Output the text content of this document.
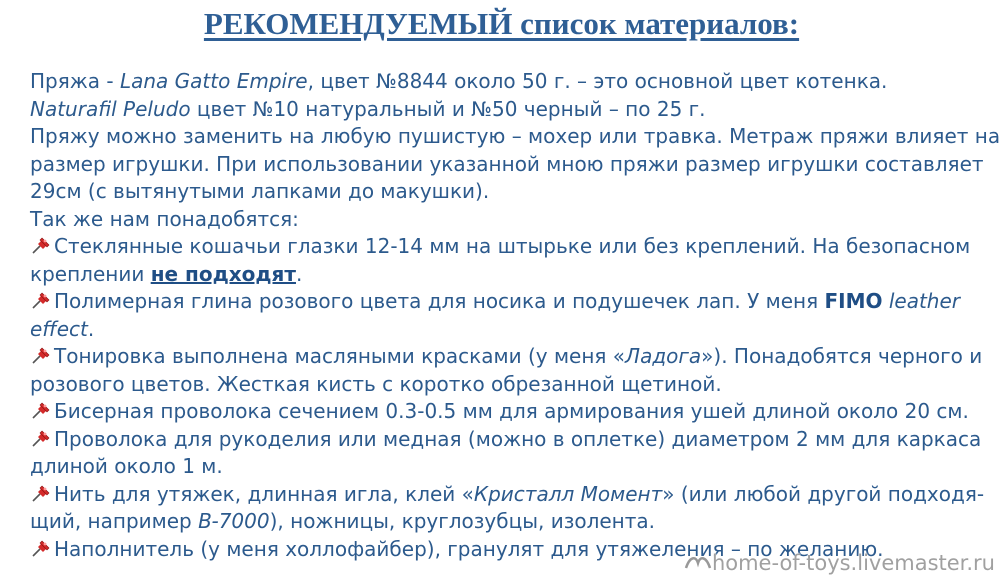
РЕКОМЕНДУЕМЫЙ список материалов:
Пряжа - Lana Gatto Empire, цвет №8844 около 50 г. – это основной цвет котенка.
Naturafil Peludo цвет №10 натуральный и №50 черный – по 25 г.
Пряжу можно заменить на любую пушистую – мохер или травка. Метраж пряжи влияет на
размер игрушки. При использовании указанной мною пряжи размер игрушки составляет
29см (с вытянутыми лапками до макушки).
Так же нам понадобятся:
Стеклянные кошачьи глазки 12-14 мм на штырьке или без креплений. На безопасном
креплении не подходят.
Полимерная глина розового цвета для носика и подушечек лап. У меня FIMO leather
effect.
Тонировка выполнена масляными красками (у меня «Ладога»). Понадобятся черного и
розового цветов. Жесткая кисть с коротко обрезанной щетиной.
Бисерная проволока сечением 0.3-0.5 мм для армирования ушей длиной около 20 см.
Проволока для рукоделия или медная (можно в оплетке) диаметром 2 мм для каркаса
длиной около 1 м.
Нить для утяжек, длинная игла, клей «Кристалл Момент» (или любой другой подходя-
щий, например B-7000), ножницы, круглозубцы, изолента.
Наполнитель (у меня холлофайбер), гранулят для утяжеления – по желанию.
home-of-toys.livemaster.ru
